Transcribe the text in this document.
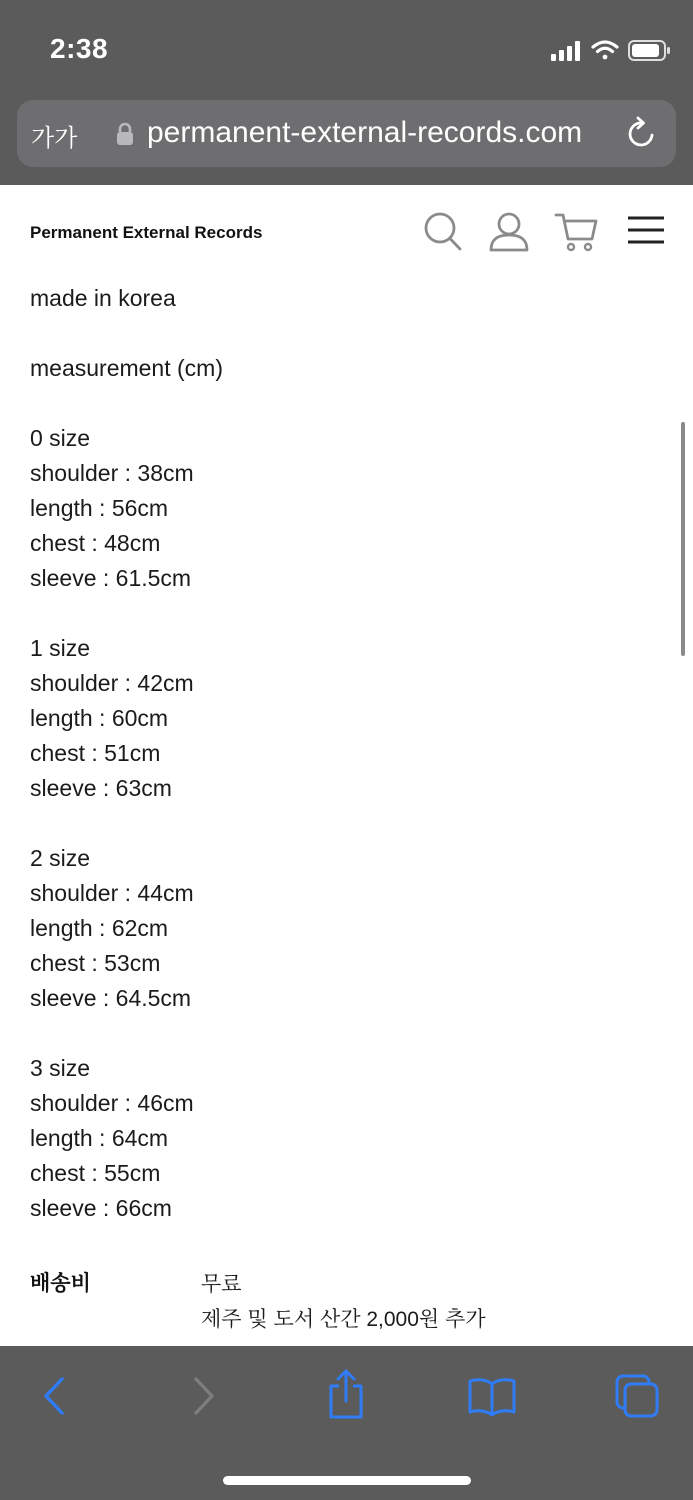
2:38
가가 permanent-external-records.com
Permanent External Records
made in korea
measurement (cm)
0 size
shoulder : 38cm
length : 56cm
chest : 48cm
sleeve : 61.5cm
1 size
shoulder : 42cm
length : 60cm
chest : 51cm
sleeve : 63cm
2 size
shoulder : 44cm
length : 62cm
chest : 53cm
sleeve : 64.5cm
3 size
shoulder : 46cm
length : 64cm
chest : 55cm
sleeve : 66cm
배송비	무료
제주 및 도서 산간 2,000원 추가
